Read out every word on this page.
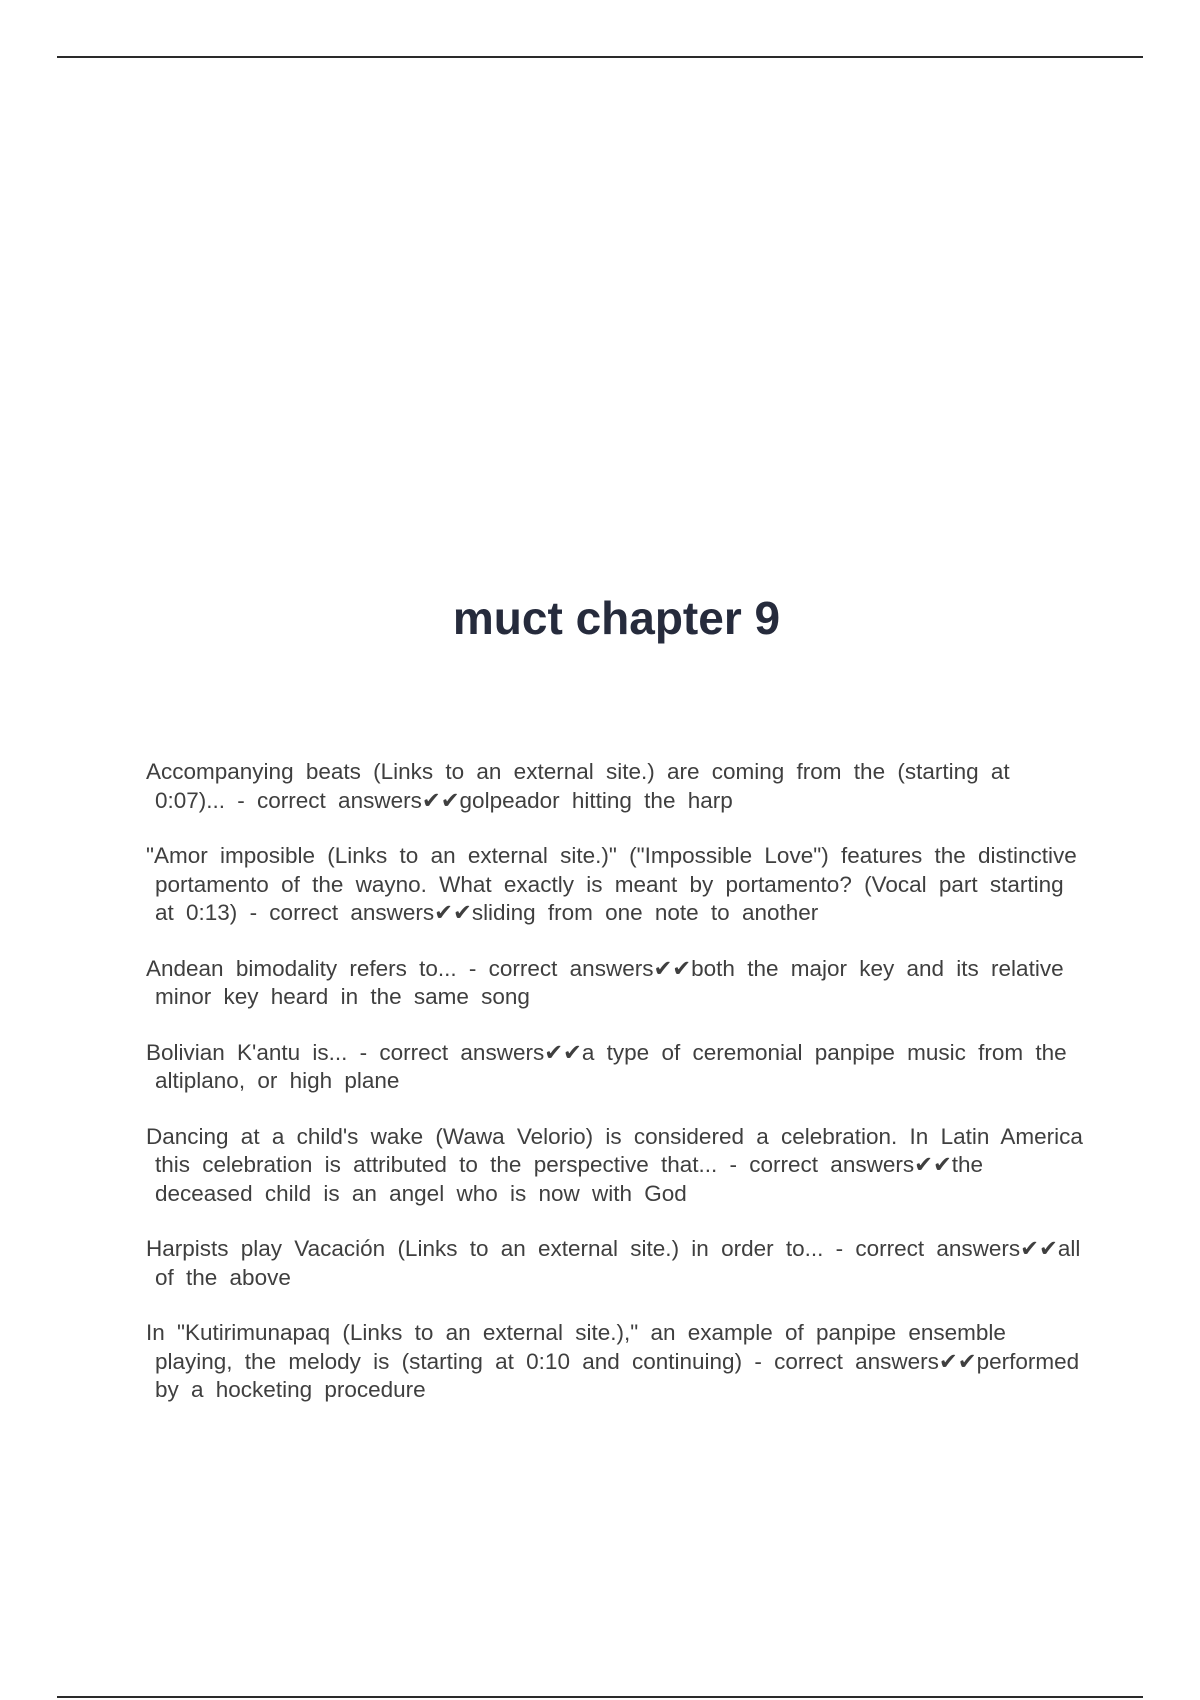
muct chapter 9
Accompanying beats (Links to an external site.) are coming from the (starting at 0:07)... - correct answers✔✔golpeador hitting the harp
"Amor imposible (Links to an external site.)" ("Impossible Love") features the distinctive portamento of the wayno. What exactly is meant by portamento? (Vocal part starting at 0:13) - correct answers✔✔sliding from one note to another
Andean bimodality refers to... - correct answers✔✔both the major key and its relative minor key heard in the same song
Bolivian K'antu is... - correct answers✔✔a type of ceremonial panpipe music from the altiplano, or high plane
Dancing at a child's wake (Wawa Velorio) is considered a celebration. In Latin America this celebration is attributed to the perspective that... - correct answers✔✔the deceased child is an angel who is now with God
Harpists play Vacación (Links to an external site.) in order to... - correct answers✔✔all of the above
In "Kutirimunapaq (Links to an external site.)," an example of panpipe ensemble playing, the melody is (starting at 0:10 and continuing) - correct answers✔✔performed by a hocketing procedure
